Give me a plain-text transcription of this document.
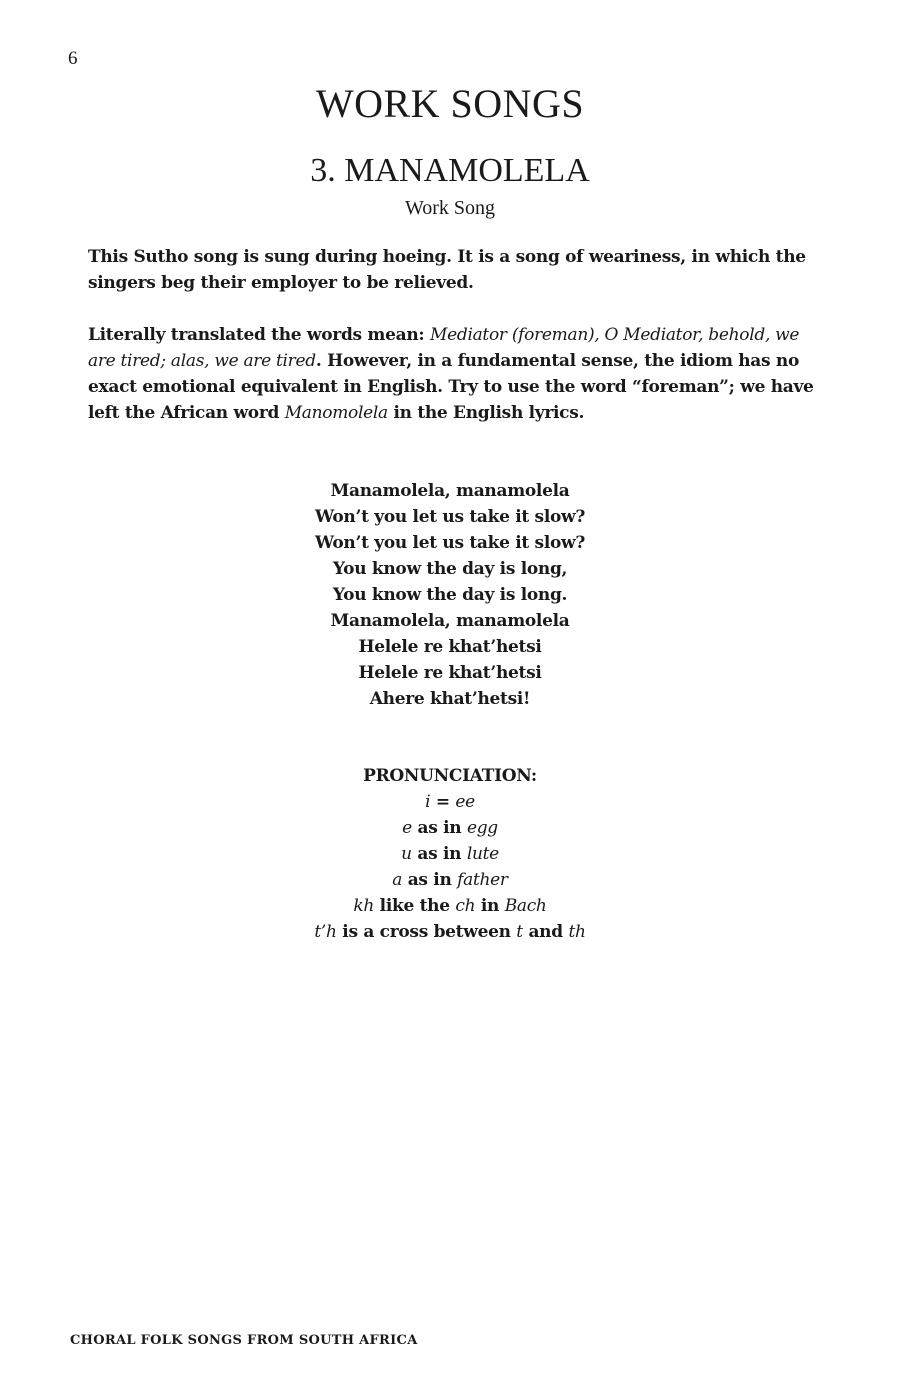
6
WORK SONGS
3. MANAMOLELA
Work Song

This Sutho song is sung during hoeing. It is a song of weariness, in which the singers beg their employer to be relieved.

Literally translated the words mean: Mediator (foreman), O Mediator, behold, we are tired; alas, we are tired. However, in a fundamental sense, the idiom has no exact emotional equivalent in English. Try to use the word “foreman”; we have left the African word Manomolela in the English lyrics.

Manamolela, manamolela
Won’t you let us take it slow?
Won’t you let us take it slow?
You know the day is long,
You know the day is long.
Manamolela, manamolela
Helele re khat’hetsi
Helele re khat’hetsi
Ahere khat’hetsi!
PRONUNCIATION:
i = ee
e as in egg
u as in lute
a as in father
kh like the ch in Bach
t’h is a cross between t and th
CHORAL FOLK SONGS FROM SOUTH AFRICA
